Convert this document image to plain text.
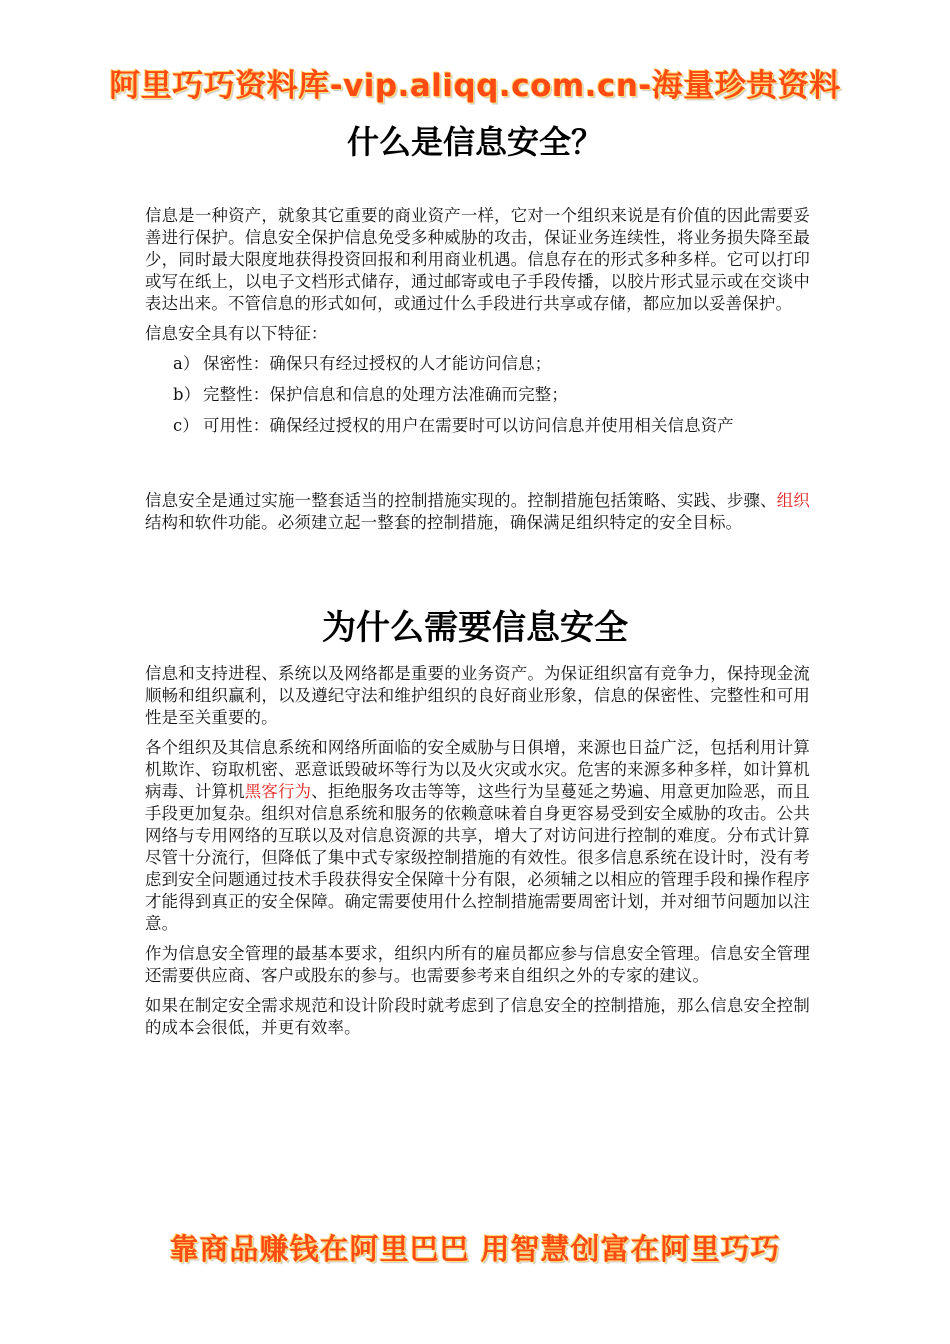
阿里巧巧资料库-vip.aliqq.com.cn-海量珍贵资料
什么是信息安全？

信息是一种资产，就象其它重要的商业资产一样，它对一个组织来说是有价值的因此需要妥善进行保护。信息安全保护信息免受多种威胁的攻击，保证业务连续性，将业务损失降至最少，同时最大限度地获得投资回报和利用商业机遇。信息存在的形式多种多样。它可以打印或写在纸上，以电子文档形式储存，通过邮寄或电子手段传播，以胶片形式显示或在交谈中表达出来。不管信息的形式如何，或通过什么手段进行共享或存储，都应加以妥善保护。

信息安全具有以下特征：

a） 保密性：确保只有经过授权的人才能访问信息；
b） 完整性：保护信息和信息的处理方法准确而完整；
c） 可用性：确保经过授权的用户在需要时可以访问信息并使用相关信息资产

信息安全是通过实施一整套适当的控制措施实现的。控制措施包括策略、实践、步骤、组织结构和软件功能。必须建立起一整套的控制措施，确保满足组织特定的安全目标。

为什么需要信息安全

信息和支持进程、系统以及网络都是重要的业务资产。为保证组织富有竞争力，保持现金流顺畅和组织赢利，以及遵纪守法和维护组织的良好商业形象，信息的保密性、完整性和可用性是至关重要的。

各个组织及其信息系统和网络所面临的安全威胁与日俱增，来源也日益广泛，包括利用计算机欺诈、窃取机密、恶意诋毁破坏等行为以及火灾或水灾。危害的来源多种多样，如计算机病毒、计算机黑客行为、拒绝服务攻击等等，这些行为呈蔓延之势遍、用意更加险恶，而且手段更加复杂。组织对信息系统和服务的依赖意味着自身更容易受到安全威胁的攻击。公共网络与专用网络的互联以及对信息资源的共享，增大了对访问进行控制的难度。分布式计算尽管十分流行，但降低了集中式专家级控制措施的有效性。很多信息系统在设计时，没有考虑到安全问题通过技术手段获得安全保障十分有限，必须辅之以相应的管理手段和操作程序才能得到真正的安全保障。确定需要使用什么控制措施需要周密计划，并对细节问题加以注意。

作为信息安全管理的最基本要求，组织内所有的雇员都应参与信息安全管理。信息安全管理还需要供应商、客户或股东的参与。也需要参考来自组织之外的专家的建议。

如果在制定安全需求规范和设计阶段时就考虑到了信息安全的控制措施，那么信息安全控制的成本会很低，并更有效率。

靠商品赚钱在阿里巴巴 用智慧创富在阿里巧巧
